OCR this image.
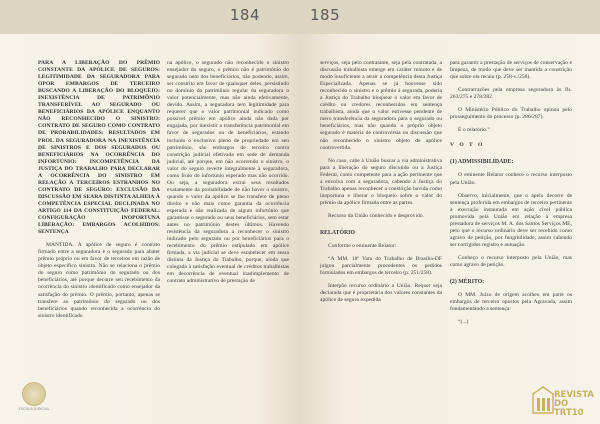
184

PARA A LIBERAÇÃO DO PRÊMIO CONSTANTE DA APÓLICE DE SEGUROS: LEGITIMIDADE DA SEGURADORA PARA OPOR EMBARGOS DE TERCEIRO BUSCANDO A LIBERAÇÃO DO BLOQUEIO: INEXISTÊNCIA DE PATRIMÔNIO TRANSFERÍVEL AO SEGURADO OU BENEFICIÁRIOS DA APÓLICE ENQUANTO NÃO RECONHECIDO O SINISTRO: CONTRATO DE SEGURO COMO CONTRATO DE PROBABILIDADES: RESULTADOS EM PROL DA SEGURADORA NA INEXISTÊNCIA DE SINISTROS E DOS SEGURADOS OU BENEFICIÁRIOS NA OCORRÊNCIA DO INFORTÚNIO: INCOMPETÊNCIA DA JUSTIÇA DO TRABALHO PARA DECLARAR A OCORRÊNCIA DO SINISTRO EM RELAÇÃO A TERCEIROS ESTRANHOS NO CONTRATO DE SEGURO: EXCLUSÃO DA DISCUSSÃO EM SEARA DISTINTA ALHEIA À COMPETÊNCIA ESPECIAL DECLINADA NO ARTIGO 114 DA CONSTITUIÇÃO FEDERAL: CONFIGURAÇÃO INOPORTUNA LIBERAÇÃO: EMBARGOS ACOLHIDOS: SENTENÇA

MANTIDA. A apólice de seguro é contrato firmado entre a seguradora e o segurado para abater prêmio próprio ou em favor de terceiros em razão de objeto específico sinistro. Não se relaciona o prêmio do seguro como patrimônio do segurado ou dos beneficiários, até porque decorre seu recebimento da ocorrência do sinistro identificado como ensejador da satisfação do prêmio. O prêmio, portanto, apenas se transfere ao patrimônio do segurado ou dos beneficiários quando reconhecida a ocorrência do sinistro identificado

na apólice, o segurado não reconhecido o sinistro ensejador do seguro, o prêmio não é patrimônio do segurado nem dos beneficiários, não podendo, assim, ser constrito em favor de quaisquer deles, persistindo no domínio do patrimônio regular da seguradora o valor potencialmente, mas não ainda efetivamente, devido. Assim, a seguradora tem legitimidade para requerer que o valor patrimonial indicado como possível prêmio em apólice ainda não dada por engajada, por inexistir a transferência patrimonial em favor de segurados ou de beneficiários, estando incluído o exclusivo pleno de propriedade em seu patrimônio, são embargos de terceiro contra constrição judicial efetivada em sede de demanda judicial, até porque, em não ocorrendo o sinistro, o valor do seguro reverte integralmente à seguradora, como fruto do infortúnio esperado mas não ocorrido. Ou seja, a seguradora extrai seus resultados exatamente da probabilidade de não haver o sinistro, quando o valor da apólice se lhe transfere de pleno direito e não mais como garantia da ocorrência esperada e não realizada de algum infortúnio que garantisse o segurado ou seus beneficiários, sem estar antes no patrimônio destes últimos. Havendo resistência da seguradora a reconhecer o sinistro indicado pelo segurado ou por beneficiários para o recebimento do prêmio estipulado em apólice firmada, a via judicial se deve estabelecer em seara distinta da Justiça do Trabalho, porque, ainda que colegada à satisfação eventual de créditos trabalhistas em decorrência de eventual inadimplemento de contrato administrativo de prestação de

ESCOLA JUDICIAL
185

serviços, seja pelo contratante, seja pela contratada, a discussão trabalhista emerge em caráter remoto e de modo insuficiente a atrair a competência desta Justiça Especializada. Apenas se já houvesse sido reconhecido o sinistro e o prêmio à segurada, poderia a Justiça do Trabalho bloquear o valor em favor de crédito ou credores reconhecidos em sentença trabalhista, ainda que o valor estivesse pendente de mero transferência da seguradora para o segurado ou beneficiários, mas não quando o próprio objeto segurado é matéria de controvérsia ou discussão que não reconhecido o sinistro objeto de apólice controvertida.

No caso, cabe à União buscar a via administrativa para a liberação do seguro discutido ou a Justiça Federal, como competente para a ação pertinente que a envolva com a seguradora, cabendo à Justiça do Trabalho apenas reconhecer a constrição havida como inoportuna e liberar o bloqueio sobre o valor do prêmio da apólice firmada entre as partes.

Recurso da União conhecido e desprovido.

RELATÓRIO

Conforme o eminente Relator:

“A MM. 18ª Vara do Trabalho de Brasília-DF julgou parcialmente procedentes os pedidos formulados em embargos de terceiro (p. 251/258).

Interpõe recurso ordinário a União. Requer seja declarada que é proprietária dos valores constantes da apólice de seguro expedida

para garantir a prestação de serviços de conservação e limpeza, de modo que deve ser mantida a constrição que sobre ela recaiu (p. 258-v./258).

Contrarrazões pela empresa seguradora às fls. 263/275 e 278/282.

O Ministério Público do Trabalho opinou pelo prosseguimento do processo (p. 286/287).

É o relatório.”

V O T O

(1) ADMISSIBILIDADE:

O eminente Relator conhece o recurso interposto pela União.

Observo, inicialmente, que o apelo decorre de sentença proferida em embargos de terceiro pertinente à execução instaurada em ação cível pública promovida pela União em relação à empresa prestadora de serviços M. A. dos Santos Serviços ME, pelo que o recurso ordinário deve ser recebido como agravo de petição, por fungibilidade, assim cabendo ser corrigidos registro e autuação.

Conheço o recurso interposto pela União, mas como agravo de petição.

(2) MÉRITO:

O MM. Juízo de origem acolheu em parte os embargos de terceiro opostos pela Agravada, assim fundamentando a sentença:

“(...)

REVISTA
DO TRT10
